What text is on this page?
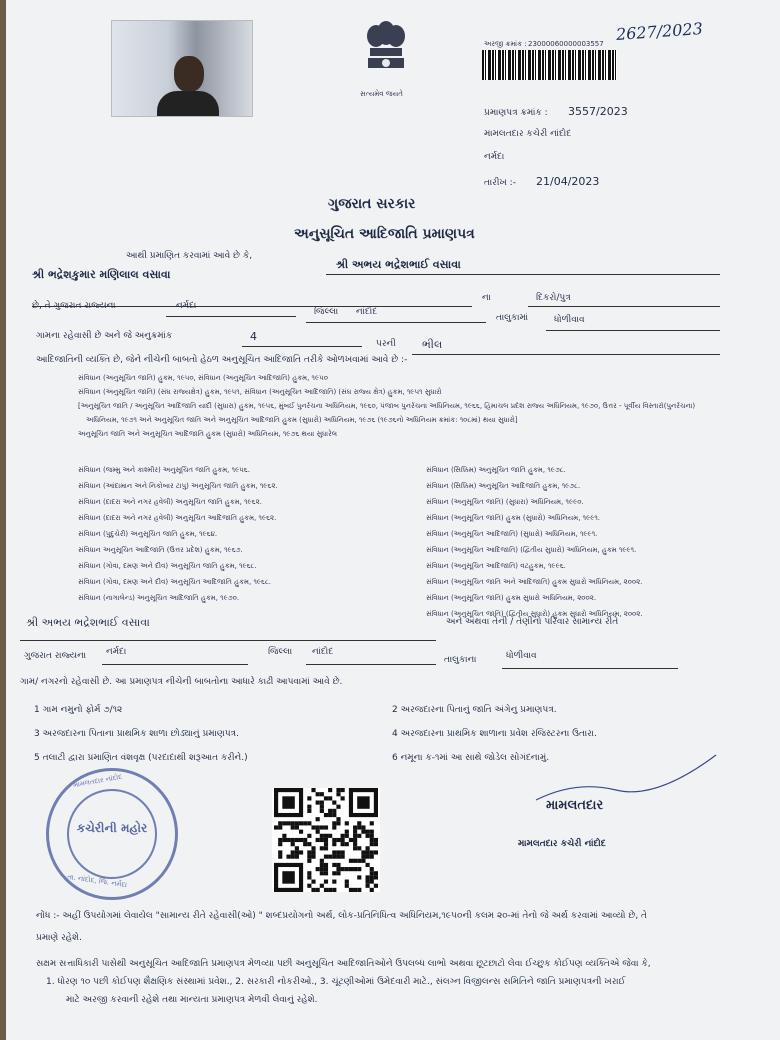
સત્યમેવ જયતે
2627/2023
અરજી ક્રમાંક : 23000060000003557
પ્રમાણપત્ર ક્રમાંક : 3557/2023
મામલતદાર કચેરી નાંદોદ
નર્મદા
તારીખ :- 21/04/2023
ગુજરાત સરકાર
અનુસૂચિત આદિજાતિ પ્રમાણપત્ર
આથી પ્રમાણિત કરવામાં આવે છે કે,
શ્રી અભય ભદ્રેશભાઈ વસાવા
શ્રી ભદ્રેશકુમાર મણિલાલ વસાવા
ના	દિકરો/પુત્ર
છે, તે ગુજરાત રાજ્યના	નર્મદા
જિલ્લા નાંદોદ
તાલુકામાં	ધોળીવાવ
ગામના રહેવાસી છે અને જે અનુક્રમાંક	4
પરની ભીલ
આદિજાતિની વ્યક્તિ છે, જેને નીચેની બાબતો હેઠળ અનુસૂચિત આદિજાતિ તરીકે ઓળખવામાં આવે છે :-
સંવિધાન (અનુસૂચિત જાતિ) હુકમ, ૧૯૫૦, સંવિધાન (અનુસૂચિત આદિજાતિ) હુકમ, ૧૯૫૦
સંવિધાન (અનુસૂચિત જાતિ) (સંઘ રાજ્યક્ષેત્ર) હુકમ, ૧૯૫૧, સંવિધાન (અનુસૂચિત આદિજાતિ) (સંઘ રાજ્ય ક્ષેત્ર) હુકમ, ૧૯૫૧ સુધારો
[અનુસૂચિત જાતિ / અનુસૂચિત આદિજાતિ યાદી (સુધારા) હુકમ, ૧૯૫૬, મુંબઈ પુનર્રચના અધિનિયમ, ૧૯૬૦, પંજાબ પુનર્રચના અધિનિયમ, ૧૯૬૬, હિમાચલ પ્રદેશ રાજ્ય અધિનિયમ, ૧૯૭૦, ઉત્તર - પૂર્વીય વિસ્તારો(પુનર્રચના)
અધિનિયમ, ૧૯૭૧ અને અનુસૂચિત જાતિ અને અનુસૂચિત આદિજાતિ હુકમ (સુધારો) અધિનિયમ, ૧૯૭૬ (૧૯૭૬નો અધિનિયમ ક્રમાંક: ૧૦૮માં) થયા સુધારો]
અનુસૂચિત જાતિ અને અનુસૂચિત આદિજાતિ હુકમ (સુધારો) અધિનિયમ, ૧૯૭૬ થયા સુધારેલ
સંવિધાન (જમ્મુ અને કાશ્મીર) અનુસૂચિત જાતિ હુકમ, ૧૯૫૬.
સંવિધાન (આંદામાન અને નિકોબાર ટાપુ) અનુસૂચિત જાતિ હુકમ, ૧૯૬૨.
સંવિધાન (દાદરા અને નગર હવેલી) અનુસૂચિત જાતિ હુકમ, ૧૯૬૨.
સંવિધાન (દાદરા અને નગર હવેલી) અનુસૂચિત આદિજાતિ હુકમ, ૧૯૬૨.
સંવિધાન (પુદુચેરી) અનુસૂચિત જાતિ હુકમ, ૧૯૬૪.
સંવિધાન અનુસૂચિત આદિજાતિ (ઉત્તર પ્રદેશ) હુકમ, ૧૯૬૭.
સંવિધાન (ગોવા, દમણ અને દીવ) અનુસૂચિત જાતિ હુકમ, ૧૯૬૮.
સંવિધાન (ગોવા, દમણ અને દીવ) અનુસૂચિત આદિજાતિ હુકમ, ૧૯૬૮.
સંવિધાન (નાગાલેન્ડ) અનુસૂચિત આદિજાતિ હુકમ, ૧૯૭૦.
સંવિધાન (સિક્કિમ) અનુસૂચિત જાતિ હુકમ, ૧૯૭૮.
સંવિધાન (સિક્કિમ) અનુસૂચિત આદિજાતિ હુકમ, ૧૯૭૮.
સંવિધાન (અનુસૂચિત જાતિ) (સુધારા) અધિનિયમ, ૧૯૯૦.
સંવિધાન (અનુસૂચિત જાતિ) હુકમ (સુધારો) અધિનિયમ, ૧૯૯૧.
સંવિધાન (અનુસૂચિત આદિજાતિ) (સુધારો) અધિનિયમ, ૧૯૯૧.
સંવિધાન (અનુસૂચિત આદિજાતિ) (દ્વિતીય સુધારો) અધિનિયમ, હુકમ ૧૯૯૧.
સંવિધાન (અનુસૂચિત આદિજાતિ) વટહુકમ, ૧૯૯૬.
સંવિધાન (અનુસૂચિત જાતિ અને આદિજાતિ) હુકમ સુધારો અધિનિયમ, ૨૦૦૨.
સંવિધાન (અનુસૂચિત જાતિ) હુકમ સુધારો અધિનિયમ, ૨૦૦૨.
સંવિધાન (અનુસૂચિત જાતિ) (દ્વિતીય સુધારો) હુકમ સુધારો અધિનિયમ, ૨૦૦૨.
શ્રી અભય ભદ્રેશભાઈ વસાવા	અને અથવા તેની / તેણીનો પરિવાર સામાન્ય રીતે
ગુજરાત રાજ્યના નર્મદા	જિલ્લા નાંદોદ
તાલુકાના	ધોળીવાવ
ગામ/ નગરનો રહેવાસી છે. આ પ્રમાણપત્ર નીચેની બાબતોના આધારે કાઢી આપવામાં આવે છે.
1 ગામ નમુનો ફોર્મ ૭/૧૨	2 અરજદારના પિતાનું જાતિ અંગેનુ પ્રમાણપત્ર.
3 અરજદારના પિતાના પ્રાથમિક શાળા છોડ્યાનું પ્રમાણપત્ર.	4 અરજદારના પ્રાથમિક શાળાના પ્રવેશ રજિસ્ટરના ઉતારા.
5 તલાટી દ્વારા પ્રમાણિત વંશવૃક્ષ (પરદાદાથી શરૂઆત કરીને.)	6 નમૂના ક-૧માં આ સાથે જોડેલ સોગંદનામું.
મામલતદાર નાંદોદ
કચેરીની મહોર
તા. નાંદોદ, જિ. નર્મદા
મામલતદાર
મામલતદાર કચેરી નાંદોદ
નોંધ :- અહીં ઉપયોગમાં લેવાયેલ "સામાન્ય રીતે રહેવાસી(ઓ) " શબ્દપ્રયોગનો અર્થ, લોક-પ્રતિનિધિત્વ અધિનિયમ,૧૯૫૦ની કલમ ૨૦-માં તેનો જે અર્થ કરવામાં આવ્યો છે, તે
પ્રમાણે રહેશે.
સક્ષમ સત્તાધિકારી પાસેથી અનુસૂચિત આદિજાતિ પ્રમાણપત્ર મેળવ્યા પછી અનુસૂચિત આદિજાતિઓને ઉપલબ્ધ લાભો અથવા છૂટછાટો લેવા ઈચ્છુક કોઈપણ વ્યક્તિએ જેવા કે,
1. ધોરણ ૧૦ પછી કોઈપણ શૈક્ષણિક સંસ્થામાં પ્રવેશ., 2. સરકારી નોકરીઓ., 3. ચૂંટણીઓમાં ઉમેદવારી માટે., સંલગ્ન વિજીલન્સ સમિતિને જાતિ પ્રમાણપત્રની ખરાઈ
માટે અરજી કરવાની રહેશે તથા માન્યતા પ્રમાણપત્ર મેળવી લેવાનું રહેશે.
